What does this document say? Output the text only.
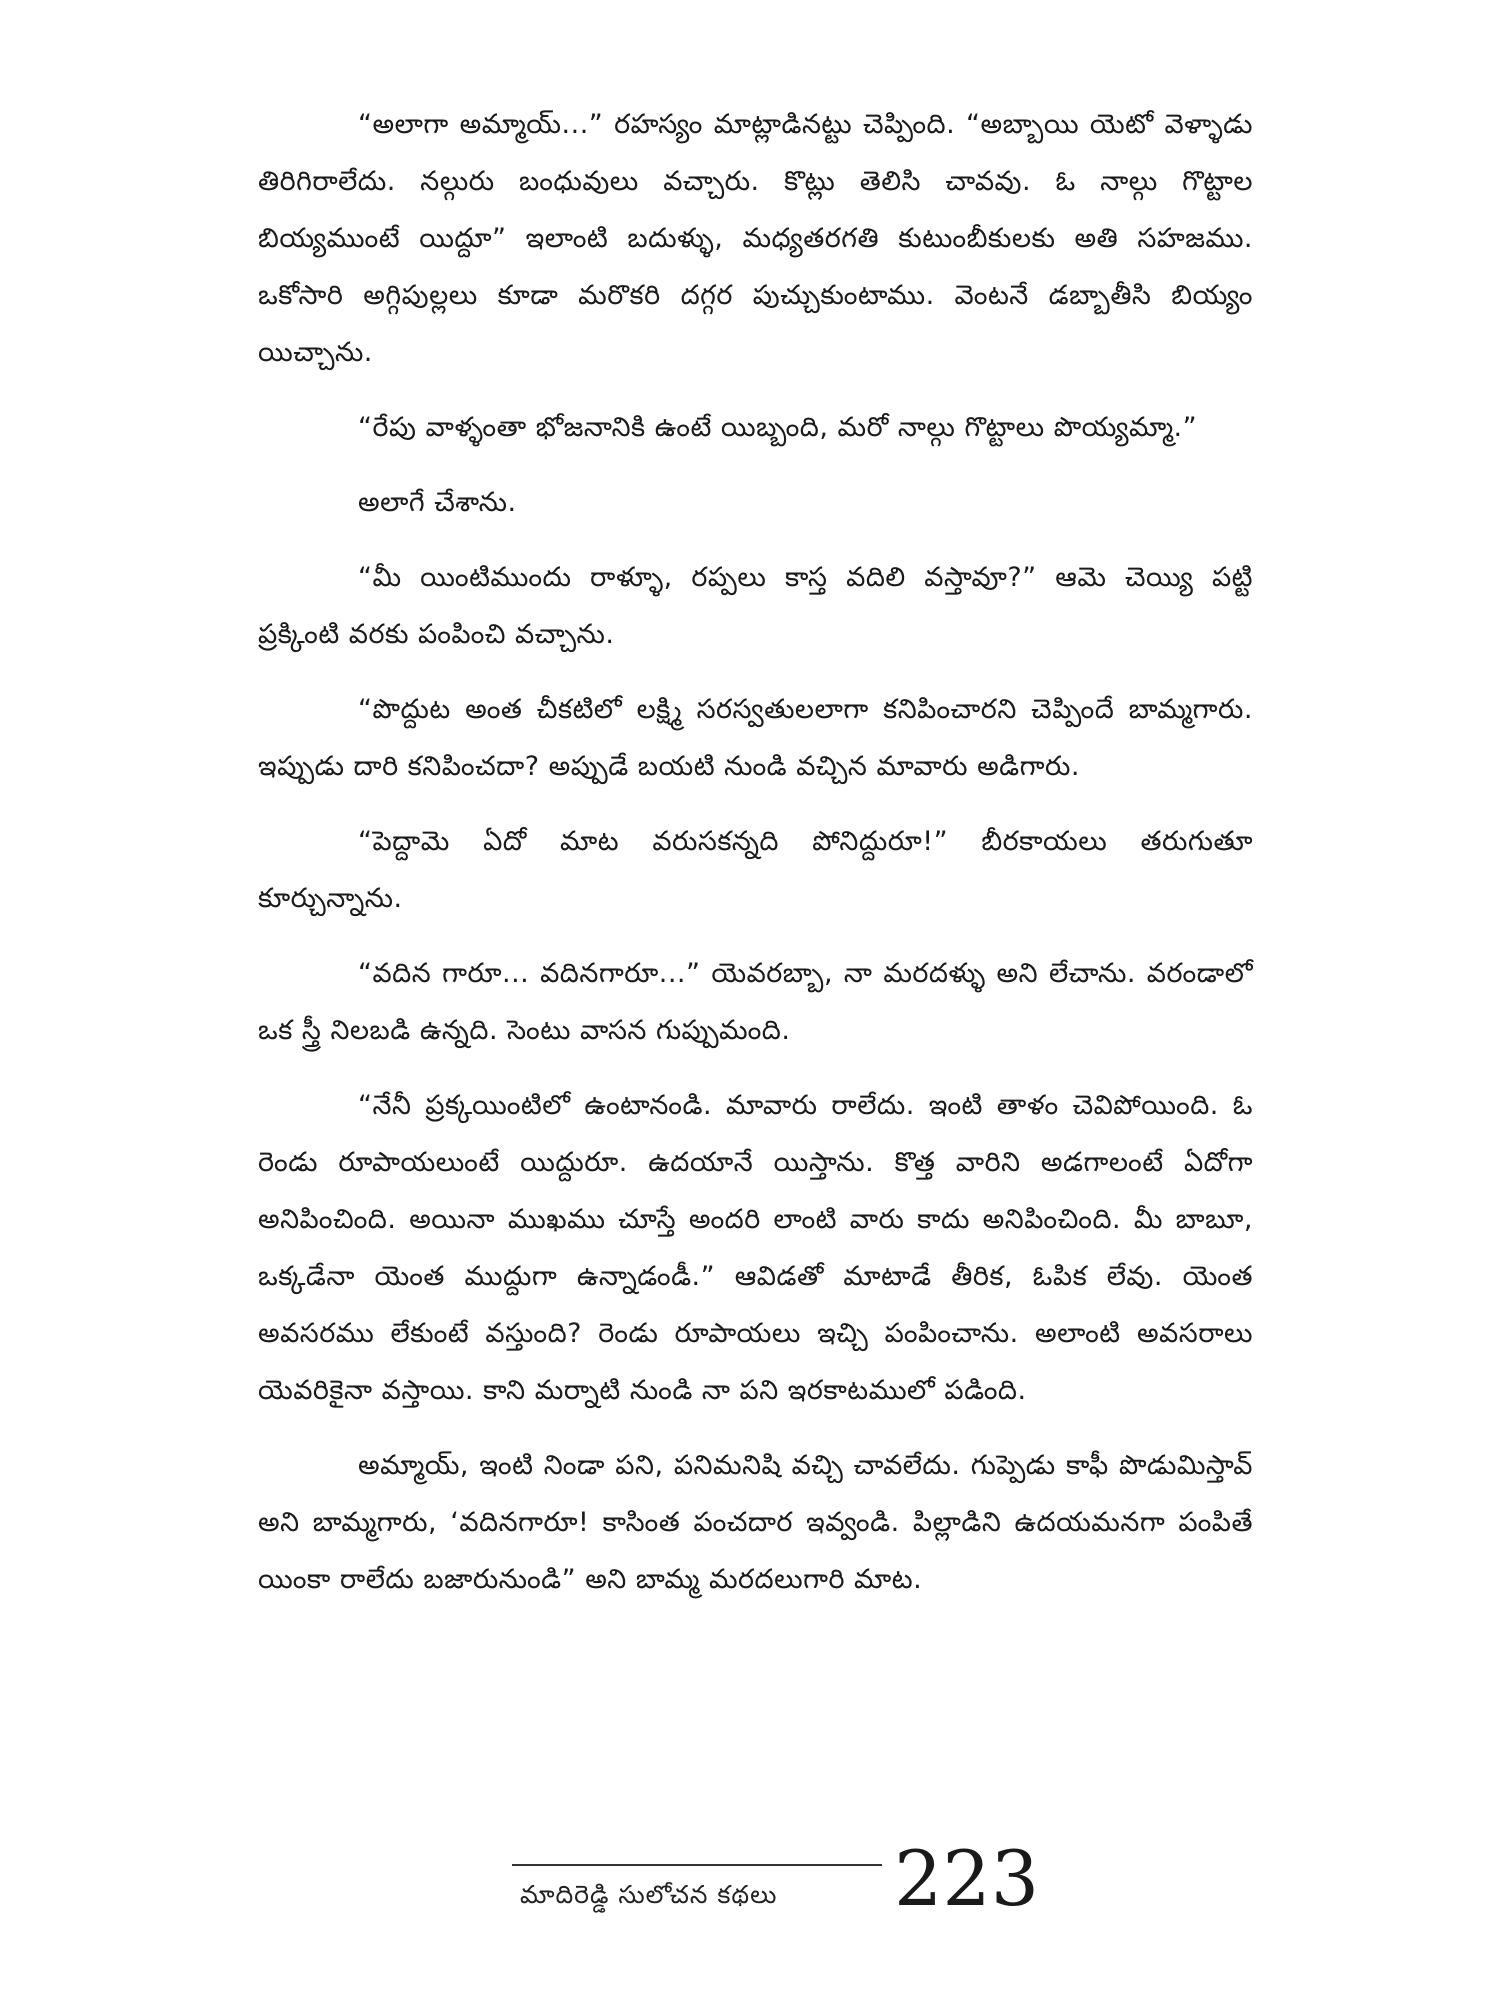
“అలాగా అమ్మాయ్...” రహస్యం మాట్లాడినట్టు చెప్పింది. “అబ్బాయి యెటో వెళ్ళాడు తిరిగిరాలేదు. నల్గురు బంధువులు వచ్చారు. కొట్లు తెలిసి చావవు. ఓ నాల్గు గొట్టాల బియ్యముంటే యిద్దూ” ఇలాంటి బదుళ్ళు, మధ్యతరగతి కుటుంబీకులకు అతి సహజము. ఒకోసారి అగ్గిపుల్లలు కూడా మరొకరి దగ్గర పుచ్చుకుంటాము. వెంటనే డబ్బాతీసి బియ్యం యిచ్చాను.

“రేపు వాళ్ళంతా భోజనానికి ఉంటే యిబ్బంది, మరో నాల్గు గొట్టాలు పొయ్యమ్మా.”

అలాగే చేశాను.

“మీ యింటిముందు రాళ్ళూ, రప్పలు కాస్త వదిలి వస్తావూ?” ఆమె చెయ్యి పట్టి ప్రక్కింటి వరకు పంపించి వచ్చాను.

“పొద్దుట అంత చీకటిలో లక్ష్మి సరస్వతులలాగా కనిపించారని చెప్పిందే బామ్మగారు. ఇప్పుడు దారి కనిపించదా? అప్పుడే బయటి నుండి వచ్చిన మావారు అడిగారు.

“పెద్దామె ఏదో మాట వరుసకన్నది పోనిద్దురూ!” బీరకాయలు తరుగుతూ కూర్చున్నాను.

“వదిన గారూ... వదినగారూ...” యెవరబ్బా, నా మరదళ్ళు అని లేచాను. వరండాలో ఒక స్త్రీ నిలబడి ఉన్నది. సెంటు వాసన గుప్పుమంది.

“నేనీ ప్రక్కయింటిలో ఉంటానండి. మావారు రాలేదు. ఇంటి తాళం చెవిపోయింది. ఓ రెండు రూపాయలుంటే యిద్దురూ. ఉదయానే యిస్తాను. కొత్త వారిని అడగాలంటే ఏదోగా అనిపించింది. అయినా ముఖము చూస్తే అందరి లాంటి వారు కాదు అనిపించింది. మీ బాబూ, ఒక్కడేనా యెంత ముద్దుగా ఉన్నాడండీ.” ఆవిడతో మాటాడే తీరిక, ఓపిక లేవు. యెంత అవసరము లేకుంటే వస్తుంది? రెండు రూపాయలు ఇచ్చి పంపించాను. అలాంటి అవసరాలు యెవరికైనా వస్తాయి. కాని మర్నాటి నుండి నా పని ఇరకాటములో పడింది.

అమ్మాయ్, ఇంటి నిండా పని, పనిమనిషి వచ్చి చావలేదు. గుప్పెడు కాఫీ పొడుమిస్తావ్ అని బామ్మగారు, ‘వదినగారూ! కాసింత పంచదార ఇవ్వండి. పిల్లాడిని ఉదయమనగా పంపితే యింకా రాలేదు బజారునుండి” అని బామ్మ మరదలుగారి మాట.

మాదిరెడ్డి సులోచన కథలు 223
